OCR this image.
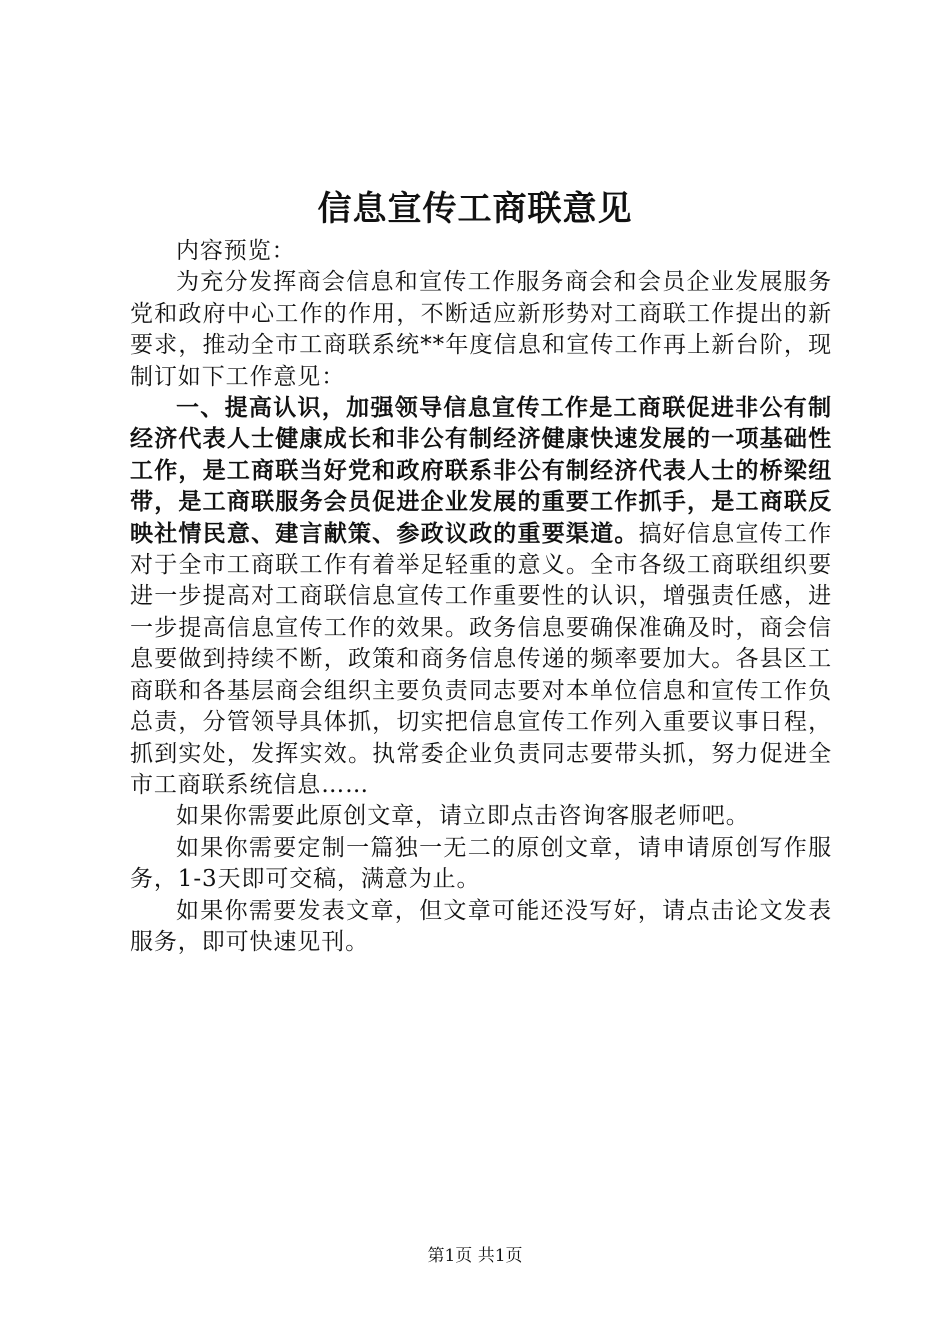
信息宣传工商联意见

内容预览：

为充分发挥商会信息和宣传工作服务商会和会员企业发展服务党和政府中心工作的作用，不断适应新形势对工商联工作提出的新要求，推动全市工商联系统**年度信息和宣传工作再上新台阶，现制订如下工作意见：

一、提高认识，加强领导信息宣传工作是工商联促进非公有制经济代表人士健康成长和非公有制经济健康快速发展的一项基础性工作，是工商联当好党和政府联系非公有制经济代表人士的桥梁纽带，是工商联服务会员促进企业发展的重要工作抓手，是工商联反映社情民意、建言献策、参政议政的重要渠道。搞好信息宣传工作对于全市工商联工作有着举足轻重的意义。全市各级工商联组织要进一步提高对工商联信息宣传工作重要性的认识，增强责任感，进一步提高信息宣传工作的效果。政务信息要确保准确及时，商会信息要做到持续不断，政策和商务信息传递的频率要加大。各县区工商联和各基层商会组织主要负责同志要对本单位信息和宣传工作负总责，分管领导具体抓，切实把信息宣传工作列入重要议事日程，抓到实处，发挥实效。执常委企业负责同志要带头抓，努力促进全市工商联系统信息……

如果你需要此原创文章，请立即点击咨询客服老师吧。

如果你需要定制一篇独一无二的原创文章，请申请原创写作服务，1-3天即可交稿，满意为止。

如果你需要发表文章，但文章可能还没写好，请点击论文发表服务，即可快速见刊。

第1页 共1页
